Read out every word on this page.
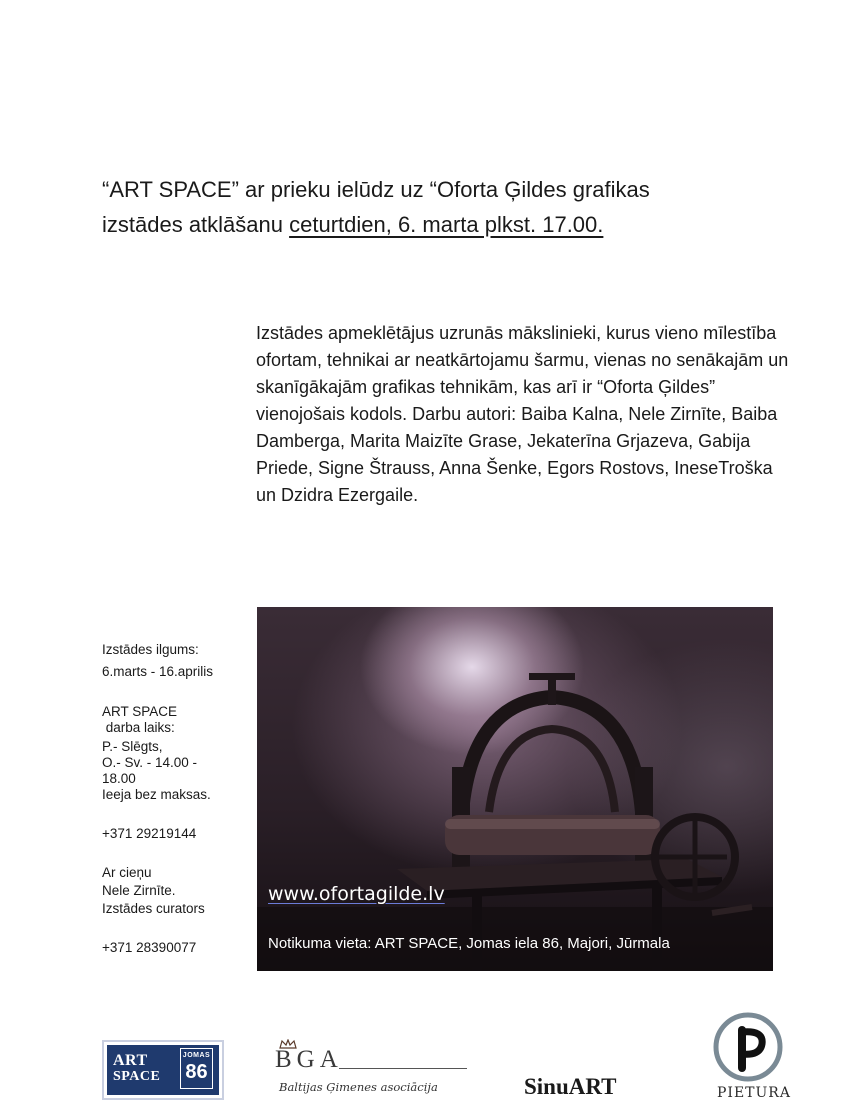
“ART SPACE” ar prieku ielūdz uz “Oforta Ģildes grafikas
izstādes atklāšanu ceturtdien, 6. marta plkst. 17.00.
Izstādes apmeklētājus uzrunās mākslinieki, kurus vieno mīlestība ofortam, tehnikai ar neatkārtojamu šarmu, vienas no senākajām un skanīgākajām grafikas tehnikām, kas arī ir “Oforta Ģildes” vienojošais kodols. Darbu autori: Baiba Kalna, Nele Zirnīte, Baiba Damberga, Marita Maizīte Grase, Jekaterīna Grjazeva, Gabija Priede, Signe Štrauss, Anna Šenke, Egors Rostovs, IneseTroška un Dzidra Ezergaile.

Izstādes ilgums:

6.marts - 16.aprilis

ART SPACE

darba laiks:

P.- Slēgts,

O.- Sv. - 14.00 - 18.00

Ieeja bez maksas.

+371 29219144

Ar cieņu

Nele Zirnīte.

Izstādes curators

+371 28390077

www.ofortagilde.lv
Notikuma vieta: ART SPACE, Jomas iela 86, Majori, Jūrmala
ART
SPACE
JOMAS
86	BGA
Baltijas Ģimenes asociācija	SinuART	PIETURA
